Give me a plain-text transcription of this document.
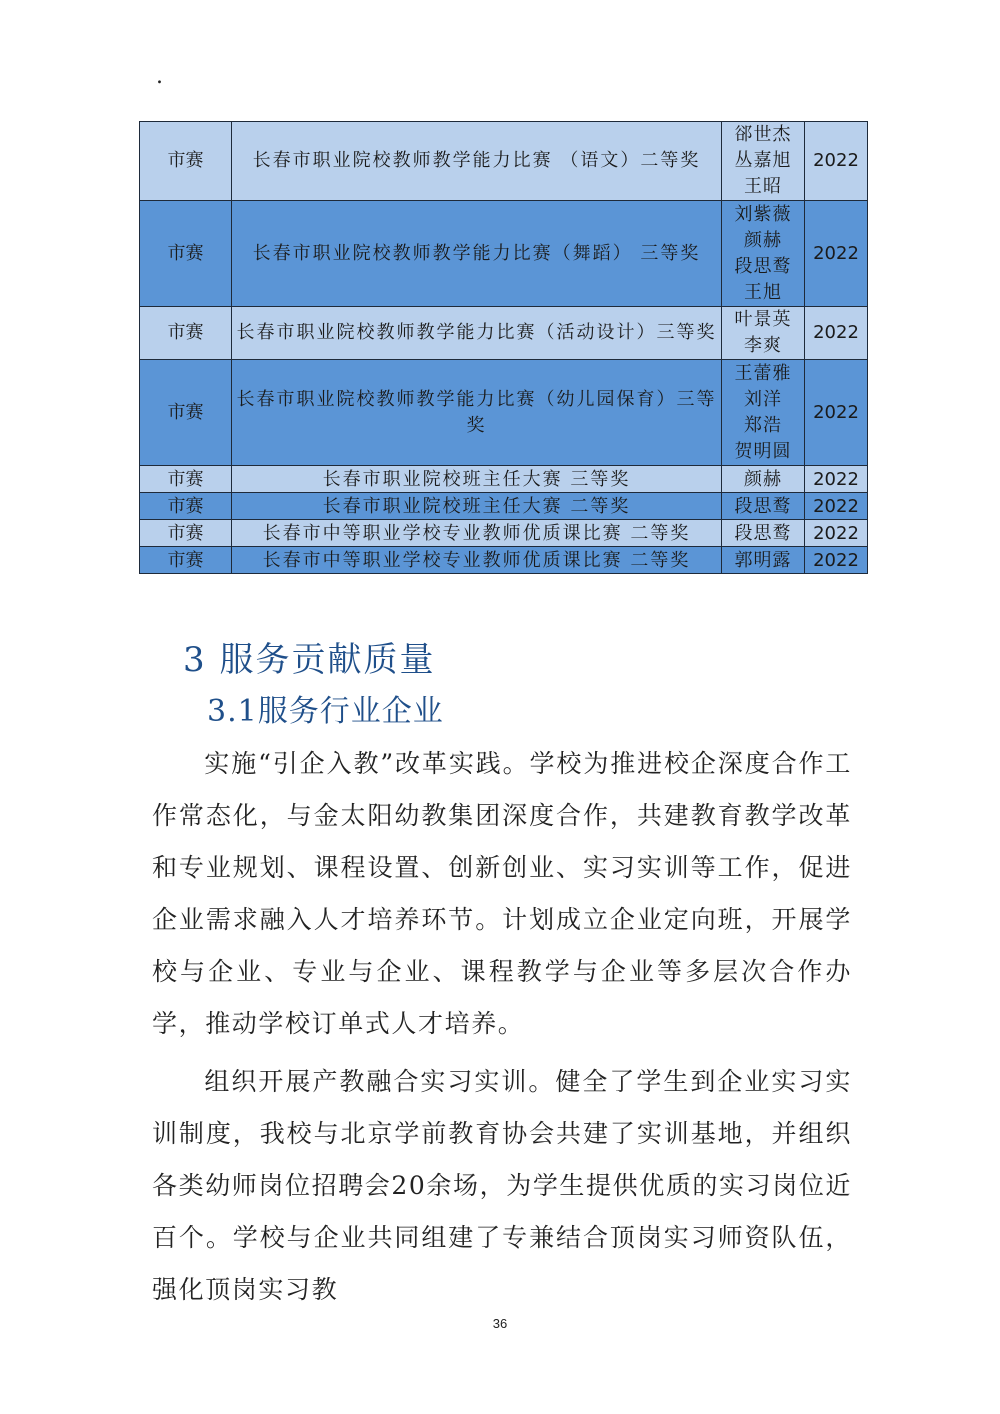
.
市赛	长春市职业院校教师教学能力比赛 （语文）二等奖	郤世杰
丛嘉旭
王昭	2022
市赛	长春市职业院校教师教学能力比赛（舞蹈） 三等奖	刘紫薇
颜赫
段思鹜
王旭	2022
市赛	长春市职业院校教师教学能力比赛（活动设计）三等奖	叶景英
李爽	2022
市赛	长春市职业院校教师教学能力比赛（幼儿园保育）三等奖	王蕾雅
刘洋
郑浩
贺明圆	2022
市赛	长春市职业院校班主任大赛 三等奖	颜赫	2022
市赛	长春市职业院校班主任大赛 二等奖	段思鹜	2022
市赛	长春市中等职业学校专业教师优质课比赛 二等奖	段思鹜	2022
市赛	长春市中等职业学校专业教师优质课比赛 二等奖	郭明露	2022
3 服务贡献质量
3.1服务行业企业

实施“引企入教”改革实践。学校为推进校企深度合作工作常态化，与金太阳幼教集团深度合作，共建教育教学改革和专业规划、课程设置、创新创业、实习实训等工作，促进企业需求融入人才培养环节。计划成立企业定向班，开展学校与企业、专业与企业、课程教学与企业等多层次合作办学，推动学校订单式人才培养。

组织开展产教融合实习实训。健全了学生到企业实习实训制度，我校与北京学前教育协会共建了实训基地，并组织各类幼师岗位招聘会20余场，为学生提供优质的实习岗位近百个。学校与企业共同组建了专兼结合顶岗实习师资队伍，强化顶岗实习教

36
